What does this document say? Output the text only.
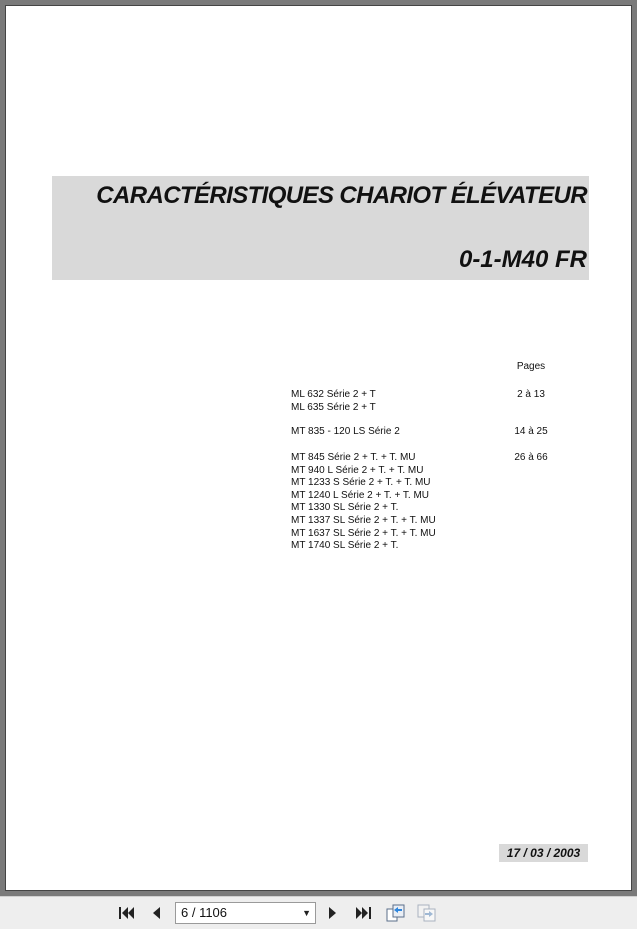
CARACTÉRISTIQUES CHARIOT ÉLÉVATEUR
0-1-M40 FR
Pages
ML 632 Série 2 + T
ML 635 Série 2 + T
2 à 13
MT 835 - 120 LS Série 2	14 à 25
MT 845 Série 2 + T. + T. MU
MT 940 L Série 2 + T. + T. MU
MT 1233 S Série 2 + T. + T. MU
MT 1240 L Série 2 + T. + T. MU
MT 1330 SL Série 2 + T.
MT 1337 SL Série 2 + T. + T. MU
MT 1637 SL Série 2 + T. + T. MU
MT 1740 SL Série 2 + T.
26 à 66
17 / 03 / 2003
6 / 1106	▼
